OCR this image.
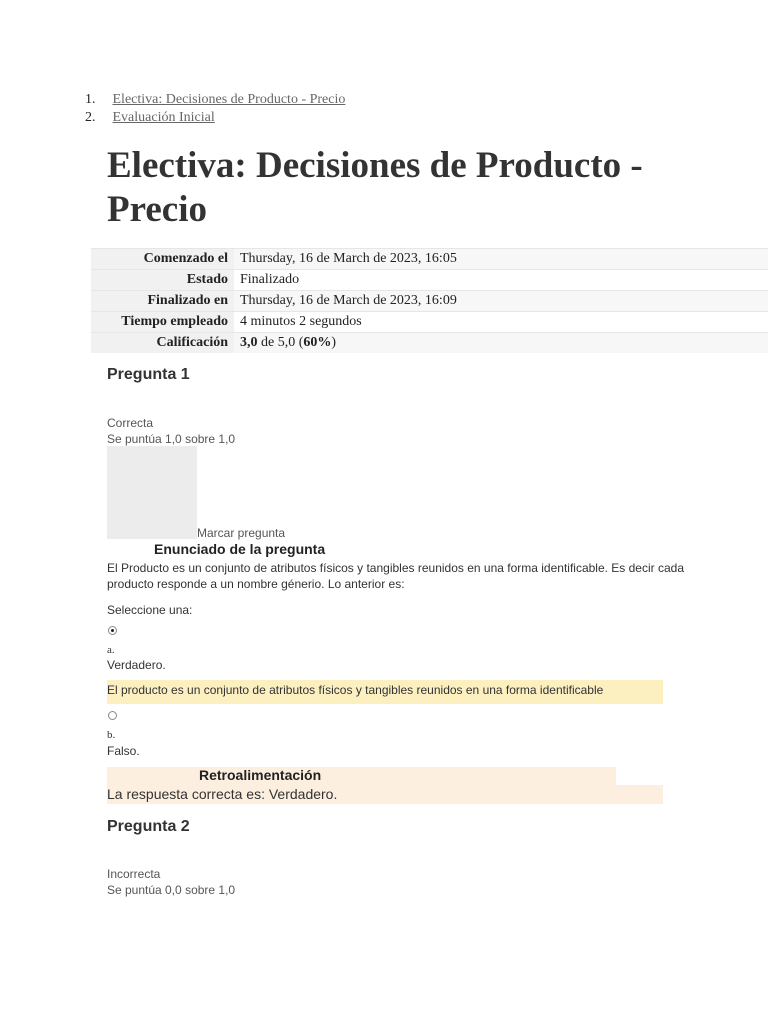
1. Electiva: Decisiones de Producto - Precio
2. Evaluación Inicial
Electiva: Decisiones de Producto - Precio
Comenzado el	Thursday, 16 de March de 2023, 16:05
Estado	Finalizado
Finalizado en	Thursday, 16 de March de 2023, 16:09
Tiempo empleado	4 minutos 2 segundos
Calificación	3,0 de 5,0 (60%)
Pregunta 1
Correcta
Se puntúa 1,0 sobre 1,0
Marcar pregunta
Enunciado de la pregunta
El Producto es un conjunto de atributos físicos y tangibles reunidos en una forma identificable. Es decir cada producto responde a un nombre génerio. Lo anterior es:
Seleccione una:
a.
Verdadero.
El producto es un conjunto de atributos físicos y tangibles reunidos en una forma identificable
b.
Falso.
Retroalimentación
La respuesta correcta es: Verdadero.
Pregunta 2
Incorrecta
Se puntúa 0,0 sobre 1,0
